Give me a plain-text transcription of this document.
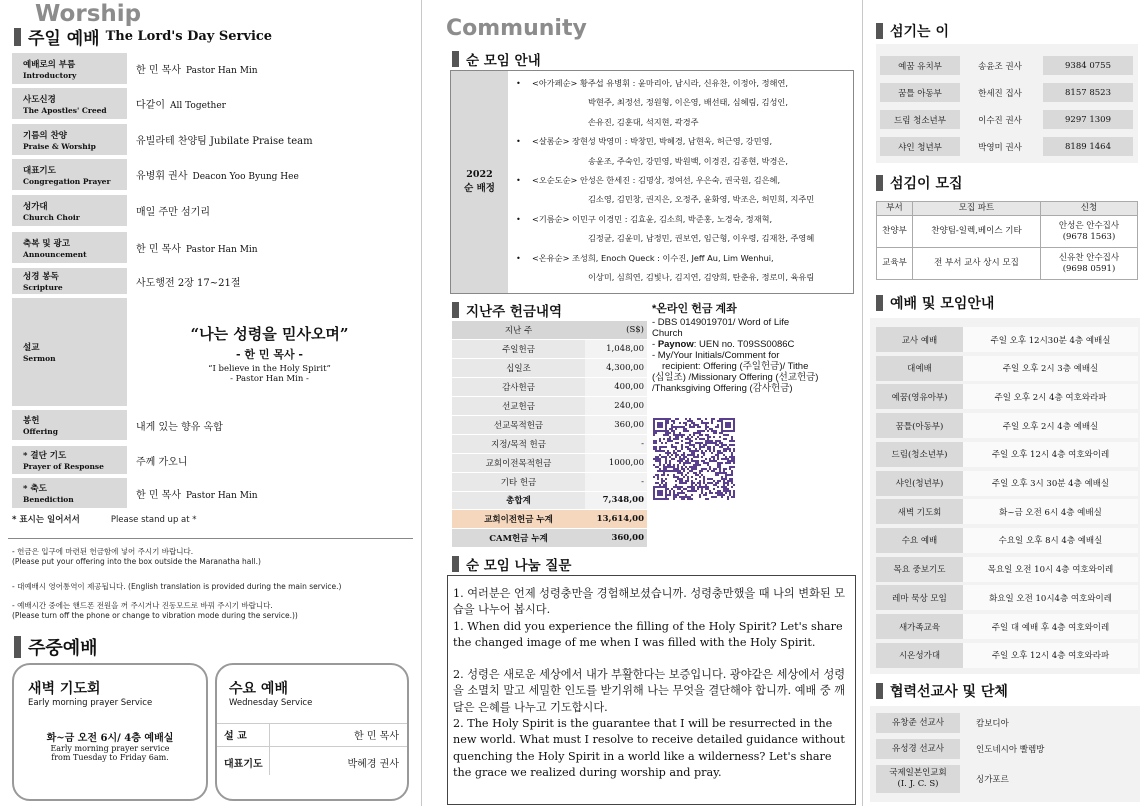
Worship
주일 예배 The Lord's Day Service
예배로의 부름
Introductory	한 민 목사 Pastor Han Min
사도신경
The Apostles' Creed	다같이 All Together
기름의 찬양
Praise & Worship	유빌라테 찬양팀 Jubilate Praise team
대표기도
Congregation Prayer	유병휘 권사 Deacon Yoo Byung Hee
성가대
Church Choir	매일 주만 섬기리
축복 및 광고
Announcement	한 민 목사 Pastor Han Min
성경 봉독
Scripture	사도행전 2장 17~21절
설교
Sermon
“나는 성령을 믿사오며”
- 한 민 목사 -
“I believe in the Holy Spirit”
- Pastor Han Min -
봉헌
Offering	내게 있는 향유 옥합
* 결단 기도
Prayer of Response	주께 가오니
* 축도
Benediction	한 민 목사 Pastor Han Min
* 표시는 일어서서	Please stand up at *
- 헌금은 입구에 마련된 헌금함에 넣어 주시기 바랍니다.
(Please put your offering into the box outside the Maranatha hall.)
- 대예배시 영어통역이 제공됩니다. (English translation is provided during the main service.)
- 예배시간 중에는 핸드폰 전원을 꺼 주시거나 진동모드로 바꿔 주시기 바랍니다.
(Please turn off the phone or change to vibration mode during the service.))
주중예배
새벽 기도회
Early morning prayer Service
화~금 오전 6시/ 4층 예배실
Early morning prayer service
from Tuesday to Friday 6am.
수요 예배
Wednesday Service
설 교	한 민 목사
대표기도	박혜경 권사
Community
순 모임 안내
2022
순 배정
• <아가페순> 황주섭 유병휘 : 윤마리아, 남시라, 신유찬, 이정아, 정해연,
박현주, 최정선, 정원형, 이은영, 배선태, 심혜림, 김성인,
손유진, 김훈대, 석지현, 곽경주
• <살롬순> 장현성 박영미 : 박창민, 박혜경, 남현욱, 허근영, 강민영,
송윤조, 주숙인, 강민영, 박원백, 이경진, 김종현, 박경은,
• <오순도순> 안성은 한세진 : 김명상, 정여선, 우은숙, 권국원, 김은혜,
김소영, 김민창, 권지은, 오정주, 윤화영, 박조은, 허민희, 지주민
• <기름순> 이민구 이경민 : 김효윤, 김소희, 박준홍, 노경숙, 정재혁,
김정균, 김윤미, 남정민, 권보연, 임근형, 이우령, 김재찬, 주영혜
• <온유순> 조성희, Enoch Queck : 이수진, Jeff Au, Lim Wenhui,
이상미, 심희연, 김빛나, 김지연, 김양희, 탄춘유, 정로미, 육유림
지난주 헌금내역
지난 주	(S$)
주일헌금	1,048,00
십일조	4,300,00
감사헌금	400,00
선교헌금	240,00
선교목적헌금	360,00
지정/목적 헌금	-
교회이전목적헌금	1000,00
기타 헌금	-
총합계	7,348,00
교회이전헌금 누계	13,614,00
CAM헌금 누계	360,00
*온라인 헌금 계좌
- DBS 0149019701/ Word of Life
Church
- Paynow: UEN no. T09SS0086C
- My/Your Initials/Comment for
recipient: Offering (주일헌금)/ Tithe
(십일조) /Missionary Offering (선교헌금)
/Thanksgiving Offering (감사헌금)
순 모임 나눔 질문
1. 여러분은 언제 성령충만을 경험해보셨습니까. 성령충만했을 때 나의 변화된 모습을 나누어 봅시다.

1. When did you experience the filling of the Holy Spirit? Let's share the changed image of me when I was filled with the Holy Spirit.

2. 성령은 새로운 세상에서 내가 부활한다는 보증입니다. 광야같은 세상에서 성령을 소멸치 말고 세밀한 인도를 받기위해 나는 무엇을 결단해야 합니까. 예배 중 깨달은 은혜를 나누고 기도합시다.
2. The Holy Spirit is the guarantee that I will be resurrected in the new world. What must I resolve to receive detailed guidance without quenching the Holy Spirit in a world like a wilderness? Let's share the grace we realized during worship and pray.
섬기는 이
예꿈 유치부	송윤조 권사	9384 0755
꿈틀 아동부	한세진 집사	8157 8523
드림 청소년부	이수진 권사	9297 1309
샤인 청년부	박영미 권사	8189 1464
섬김이 모집
부서	모집 파트	신청
찬양부	찬양팀-일렉,베이스 기타	안성은 안수집사
(9678 1563)

교육부	전 부서 교사 상시 모집	신유찬 안수집사
(9698 0591)
예배 및 모임안내
교사 예배	주일 오후 12시30분 4층 예배실
대예배	주일 오후 2시 3층 예배실
예꿈(영유아부)	주일 오후 2시 4층 여호와라파
꿈틀(아동부)	주일 오후 2시 4층 예배실
드림(청소년부)	주일 오후 12시 4층 여호와이레
샤인(청년부)	주일 오후 3시 30분 4층 예배실
새벽 기도회	화~금 오전 6시 4층 예배실
수요 예배	수요일 오후 8시 4층 예배실
목요 중보기도	목요일 오전 10시 4층 여호와이레
레마 묵상 모임	화요일 오전 10시4층 여호와이레
새가족교육	주일 대 예배 후 4층 여호와이레
시온성가대	주일 오후 12시 4층 여호와라파
협력선교사 및 단체
유창준 선교사	캄보디아
유성경 선교사	인도네시아 빨렘방
국제일본인교회
(I. J. C. S)	싱가포르
